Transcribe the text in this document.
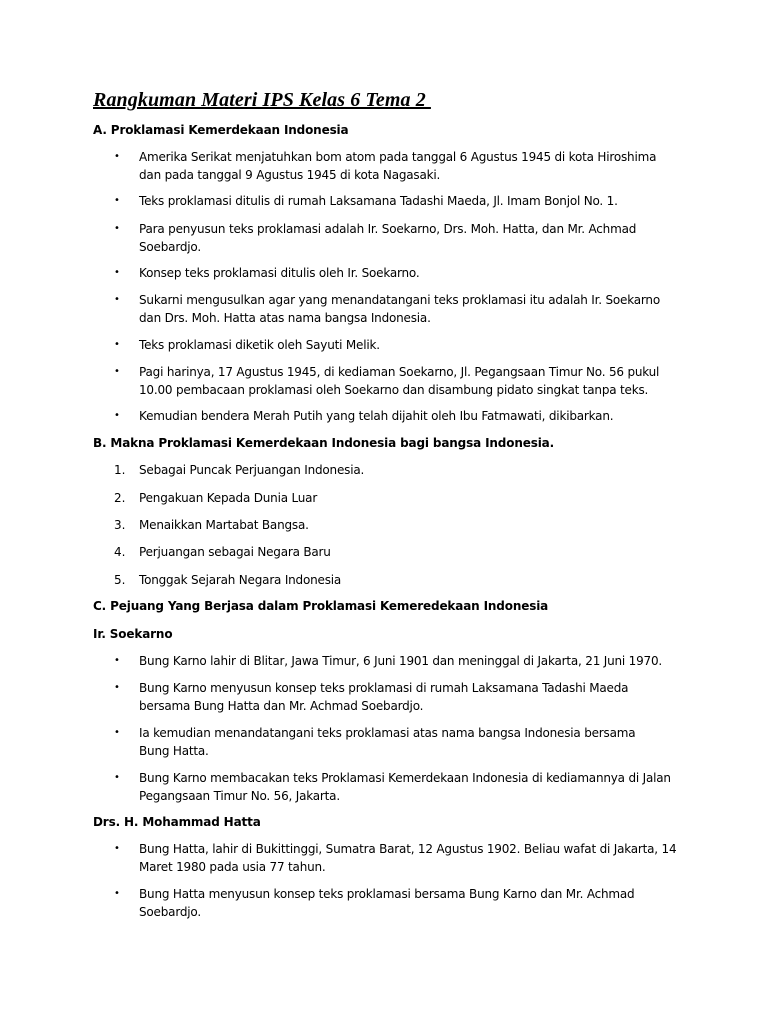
Rangkuman Materi IPS Kelas 6 Tema 2
A. Proklamasi Kemerdekaan Indonesia
• Amerika Serikat menjatuhkan bom atom pada tanggal 6 Agustus 1945 di kota Hiroshima dan pada tanggal 9 Agustus 1945 di kota Nagasaki.
• Teks proklamasi ditulis di rumah Laksamana Tadashi Maeda, Jl. Imam Bonjol No. 1.
• Para penyusun teks proklamasi adalah Ir. Soekarno, Drs. Moh. Hatta, dan Mr. Achmad Soebardjo.
• Konsep teks proklamasi ditulis oleh Ir. Soekarno.
• Sukarni mengusulkan agar yang menandatangani teks proklamasi itu adalah Ir. Soekarno dan Drs. Moh. Hatta atas nama bangsa Indonesia.
• Teks proklamasi diketik oleh Sayuti Melik.
• Pagi harinya, 17 Agustus 1945, di kediaman Soekarno, Jl. Pegangsaan Timur No. 56 pukul 10.00 pembacaan proklamasi oleh Soekarno dan disambung pidato singkat tanpa teks.
• Kemudian bendera Merah Putih yang telah dijahit oleh Ibu Fatmawati, dikibarkan.
B. Makna Proklamasi Kemerdekaan Indonesia bagi bangsa Indonesia.
1. Sebagai Puncak Perjuangan Indonesia.
2. Pengakuan Kepada Dunia Luar
3. Menaikkan Martabat Bangsa.
4. Perjuangan sebagai Negara Baru
5. Tonggak Sejarah Negara Indonesia
C. Pejuang Yang Berjasa dalam Proklamasi Kemeredekaan Indonesia
Ir. Soekarno
• Bung Karno lahir di Blitar, Jawa Timur, 6 Juni 1901 dan meninggal di Jakarta, 21 Juni 1970.
• Bung Karno menyusun konsep teks proklamasi di rumah Laksamana Tadashi Maeda bersama Bung Hatta dan Mr. Achmad Soebardjo.
• Ia kemudian menandatangani teks proklamasi atas nama bangsa Indonesia bersama Bung Hatta.
• Bung Karno membacakan teks Proklamasi Kemerdekaan Indonesia di kediamannya di Jalan Pegangsaan Timur No. 56, Jakarta.
Drs. H. Mohammad Hatta
• Bung Hatta, lahir di Bukittinggi, Sumatra Barat, 12 Agustus 1902. Beliau wafat di Jakarta, 14 Maret 1980 pada usia 77 tahun.
• Bung Hatta menyusun konsep teks proklamasi bersama Bung Karno dan Mr. Achmad Soebardjo.
